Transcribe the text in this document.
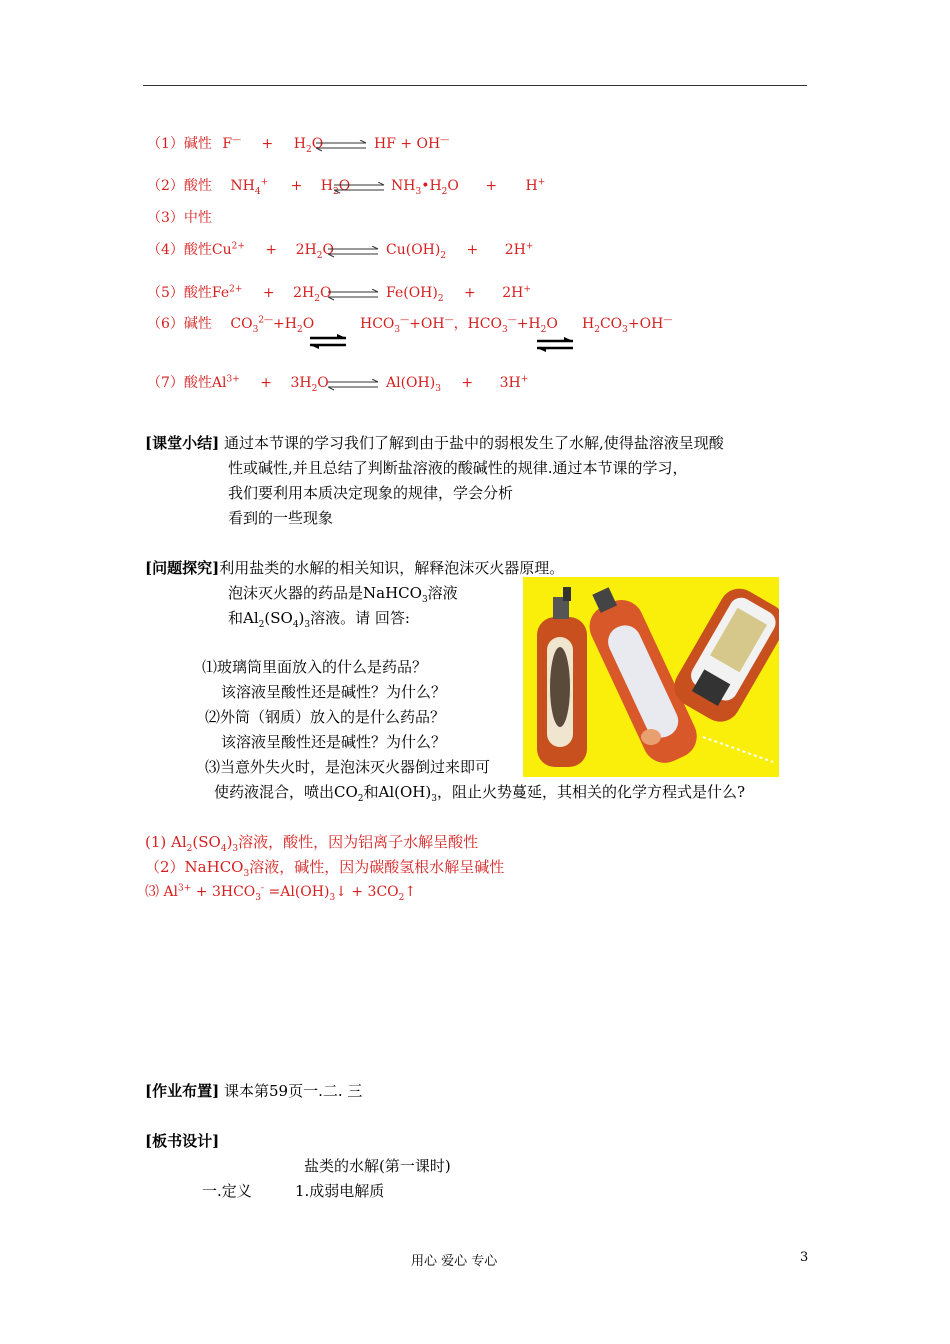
（1）碱性 $F^— + H_2O$ ⇌ HF + OH—
（2）酸性 $NH_4^+ + H_2O$ ⇌ $NH_3•H_2O + H^+$
（3）中性
（4）酸性$Cu^{2+} + 2H_2O$ ⇌ $Cu(OH)_2 + 2H^+$
（5）酸性$Fe^{2+} + 2H_2O$ ⇌ $Fe(OH)_2 + 2H^+$
（6）碱性 $CO_3^{2—}+H_2O$	$HCO_3^—+OH^—$，$HCO_3^—+H_2O$ $H_2CO_3+OH^—$
（7）酸性$Al^{3+} + 3H_2O$ ⇌ $Al(OH)_3 + 3H^+$
[课堂小结] 通过本节课的学习我们了解到由于盐中的弱根发生了水解,使得盐溶液呈现酸
性或碱性,并且总结了判断盐溶液的酸碱性的规律.通过本节课的学习，
我们要利用本质决定现象的规律，学会分析
看到的一些现象
[问题探究]利用盐类的水解的相关知识，解释泡沫灭火器原理。
泡沫灭火器的药品是NaHCO$_3$溶液
和$Al_2(SO_4)_3$溶液。请 回答:
⑴玻璃筒里面放入的什么是药品？
该溶液呈酸性还是碱性？为什么？
⑵外筒（钢质）放入的是什么药品？
该溶液呈酸性还是碱性？为什么？
⑶当意外失火时，是泡沫灭火器倒过来即可
使药液混合，喷出$CO_2$和$Al(OH)_3$，阻止火势蔓延，其相关的化学方程式是什么?
(1) $Al_2(SO_4)_3$溶液，酸性，因为铝离子水解呈酸性
（2）NaHCO$_3$溶液，碱性，因为碳酸氢根水解呈碱性
⑶ $Al^{3+} + 3HCO_3^-$ $=Al(OH)_3↓$ + $3CO_2↑$
[作业布置] 课本第59页一.二. 三
[板书设计]
盐类的水解(第一课时)
一.定义	1.成弱电解质
用心 爱心 专心	3
